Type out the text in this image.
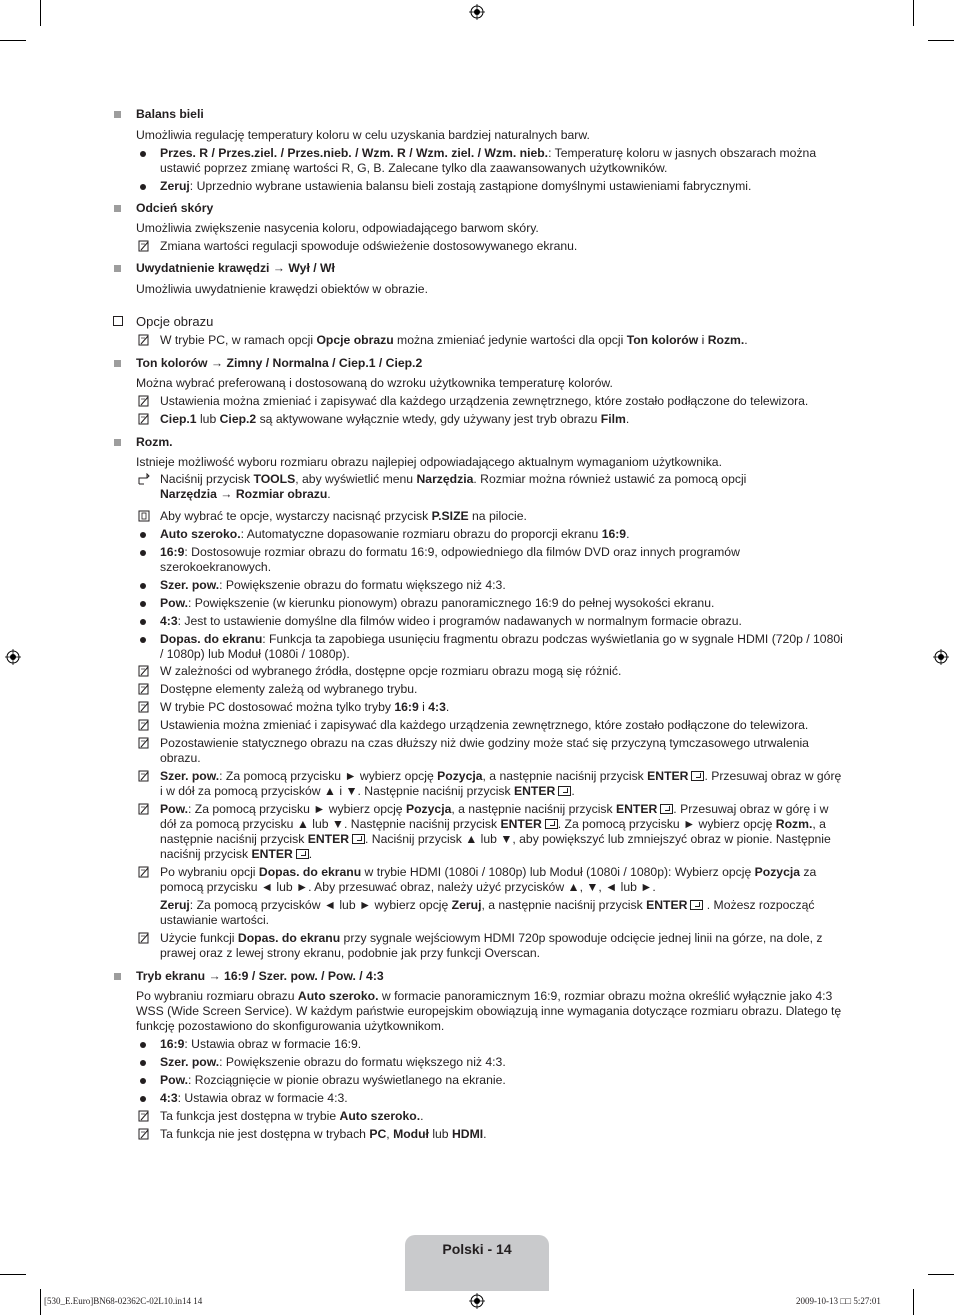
Balans bieli
Umożliwia regulację temperatury koloru w celu uzyskania bardziej naturalnych barw.
Przes. R / Przes.ziel. / Przes.nieb. / Wzm. R / Wzm. ziel. / Wzm. nieb.: Temperaturę koloru w jasnych obszarach można ustawić poprzez zmianę wartości R, G, B. Zalecane tylko dla zaawansowanych użytkowników.
Zeruj: Uprzednio wybrane ustawienia balansu bieli zostają zastąpione domyślnymi ustawieniami fabrycznymi.
Odcień skóry
Umożliwia zwiększenie nasycenia koloru, odpowiadającego barwom skóry.
Zmiana wartości regulacji spowoduje odświeżenie dostosowywanego ekranu.
Uwydatnienie krawędzi → Wył / Wł
Umożliwia uwydatnienie krawędzi obiektów w obrazie.
Opcje obrazu
W trybie PC, w ramach opcji Opcje obrazu można zmieniać jedynie wartości dla opcji Ton kolorów i Rozm..
Ton kolorów → Zimny / Normalna / Ciep.1 / Ciep.2
Można wybrać preferowaną i dostosowaną do wzroku użytkownika temperaturę kolorów.
Ustawienia można zmieniać i zapisywać dla każdego urządzenia zewnętrznego, które zostało podłączone do telewizora.
Ciep.1 lub Ciep.2 są aktywowane wyłącznie wtedy, gdy używany jest tryb obrazu Film.
Rozm.
Istnieje możliwość wyboru rozmiaru obrazu najlepiej odpowiadającego aktualnym wymaganiom użytkownika.
Naciśnij przycisk TOOLS, aby wyświetlić menu Narzędzia. Rozmiar można również ustawić za pomocą opcji
Narzędzia → Rozmiar obrazu.
Aby wybrać te opcje, wystarczy nacisnąć przycisk P.SIZE na pilocie.
Auto szeroko.: Automatyczne dopasowanie rozmiaru obrazu do proporcji ekranu 16:9.
16:9: Dostosowuje rozmiar obrazu do formatu 16:9, odpowiedniego dla filmów DVD oraz innych programów szerokoekranowych.
Szer. pow.: Powiększenie obrazu do formatu większego niż 4:3.
Pow.: Powiększenie (w kierunku pionowym) obrazu panoramicznego 16:9 do pełnej wysokości ekranu.
4:3: Jest to ustawienie domyślne dla filmów wideo i programów nadawanych w normalnym formacie obrazu.
Dopas. do ekranu: Funkcja ta zapobiega usunięciu fragmentu obrazu podczas wyświetlania go w sygnale HDMI (720p / 1080i / 1080p) lub Moduł (1080i / 1080p).
W zależności od wybranego źródła, dostępne opcje rozmiaru obrazu mogą się różnić.
Dostępne elementy zależą od wybranego trybu.
W trybie PC dostosować można tylko tryby 16:9 i 4:3.
Ustawienia można zmieniać i zapisywać dla każdego urządzenia zewnętrznego, które zostało podłączone do telewizora.
Pozostawienie statycznego obrazu na czas dłuższy niż dwie godziny może stać się przyczyną tymczasowego utrwalenia obrazu.
Szer. pow.: Za pomocą przycisku ► wybierz opcję Pozycja, a następnie naciśnij przycisk ENTER . Przesuwaj obraz w górę i w dół za pomocą przycisków ▲ i ▼. Następnie naciśnij przycisk ENTER .
Pow.: Za pomocą przycisku ► wybierz opcję Pozycja, a następnie naciśnij przycisk ENTER . Przesuwaj obraz w górę i w dół za pomocą przycisku ▲ lub ▼. Następnie naciśnij przycisk ENTER . Za pomocą przycisku ► wybierz opcję Rozm., a następnie naciśnij przycisk ENTER . Naciśnij przycisk ▲ lub ▼, aby powiększyć lub zmniejszyć obraz w pionie. Następnie naciśnij przycisk ENTER .
Po wybraniu opcji Dopas. do ekranu w trybie HDMI (1080i / 1080p) lub Moduł (1080i / 1080p): Wybierz opcję Pozycja za pomocą przycisku ◄ lub ►. Aby przesuwać obraz, należy użyć przycisków ▲, ▼, ◄ lub ►.
Zeruj: Za pomocą przycisków ◄ lub ► wybierz opcję Zeruj, a następnie naciśnij przycisk ENTER . Możesz rozpocząć ustawianie wartości.
Użycie funkcji Dopas. do ekranu przy sygnale wejściowym HDMI 720p spowoduje odcięcie jednej linii na górze, na dole, z prawej oraz z lewej strony ekranu, podobnie jak przy funkcji Overscan.
Tryb ekranu → 16:9 / Szer. pow. / Pow. / 4:3
Po wybraniu rozmiaru obrazu Auto szeroko. w formacie panoramicznym 16:9, rozmiar obrazu można określić wyłącznie jako 4:3 WSS (Wide Screen Service). W każdym państwie europejskim obowiązują inne wymagania dotyczące rozmiaru obrazu. Dlatego tę funkcję pozostawiono do skonfigurowania użytkownikom.
16:9: Ustawia obraz w formacie 16:9.
Szer. pow.: Powiększenie obrazu do formatu większego niż 4:3.
Pow.: Rozciągnięcie w pionie obrazu wyświetlanego na ekranie.
4:3: Ustawia obraz w formacie 4:3.
Ta funkcja jest dostępna w trybie Auto szeroko..
Ta funkcja nie jest dostępna w trybach PC, Moduł lub HDMI.
Polski - 14
[530_E.Euro]BN68-02362C-02L10.in14 14	2009-10-13 □□ 5:27:01
